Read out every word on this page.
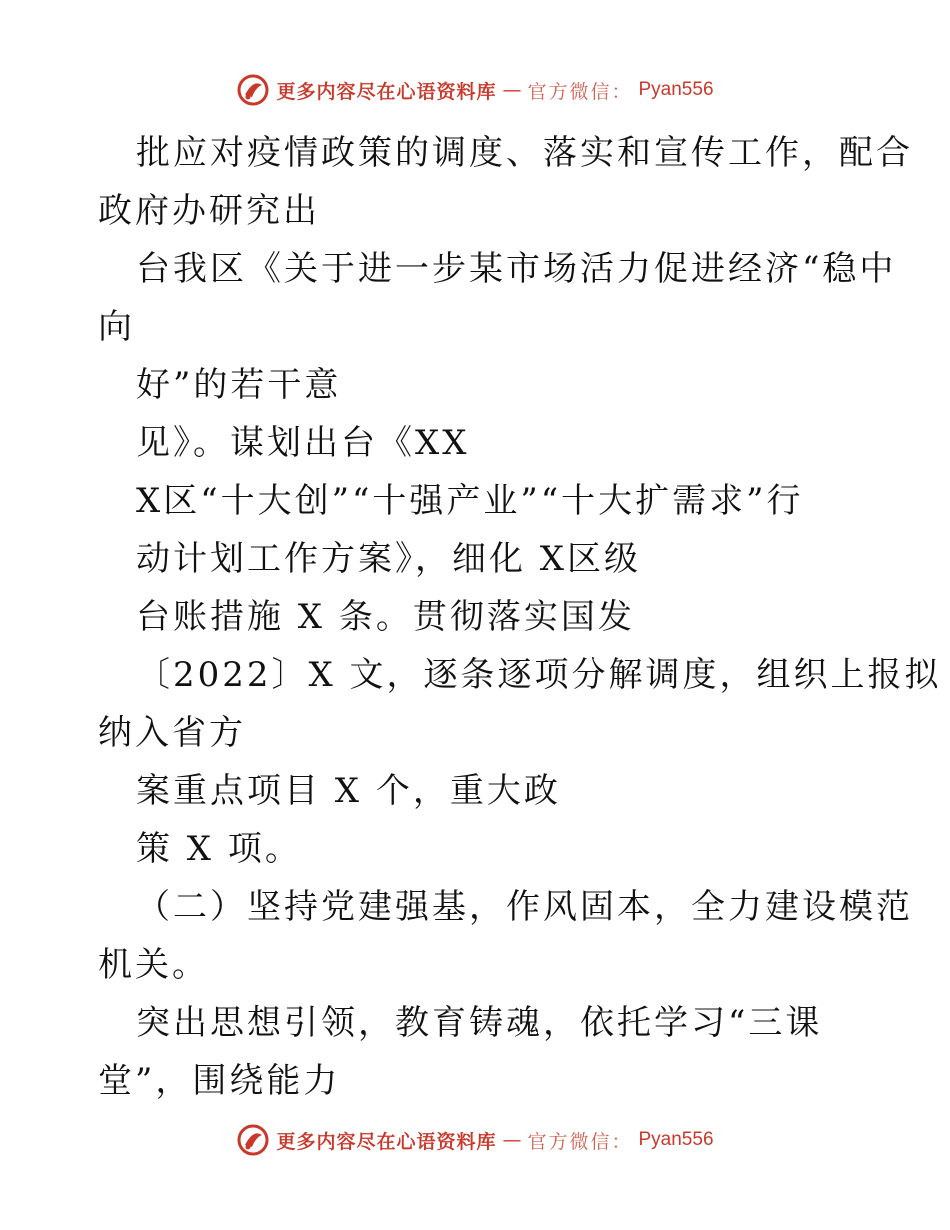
更多内容尽在心语资料库 — 官方微信： Pyan556
批应对疫情政策的调度、落实和宣传工作，配合
政府办研究出
台我区《关于进一步某市场活力促进经济“稳中
向
好”的若干意
见》。谋划出台《XX
X区“十大创”“十强产业”“十大扩需求”行
动计划工作方案》，细化 X区级
台账措施 X 条。贯彻落实国发
〔2022〕X 文，逐条逐项分解调度，组织上报拟
纳入省方
案重点项目 X 个，重大政
策 X 项。
（二）坚持党建强基，作风固本，全力建设模范
机关。
突出思想引领，教育铸魂，依托学习“三课
堂”，围绕能力
更多内容尽在心语资料库 — 官方微信： Pyan556
